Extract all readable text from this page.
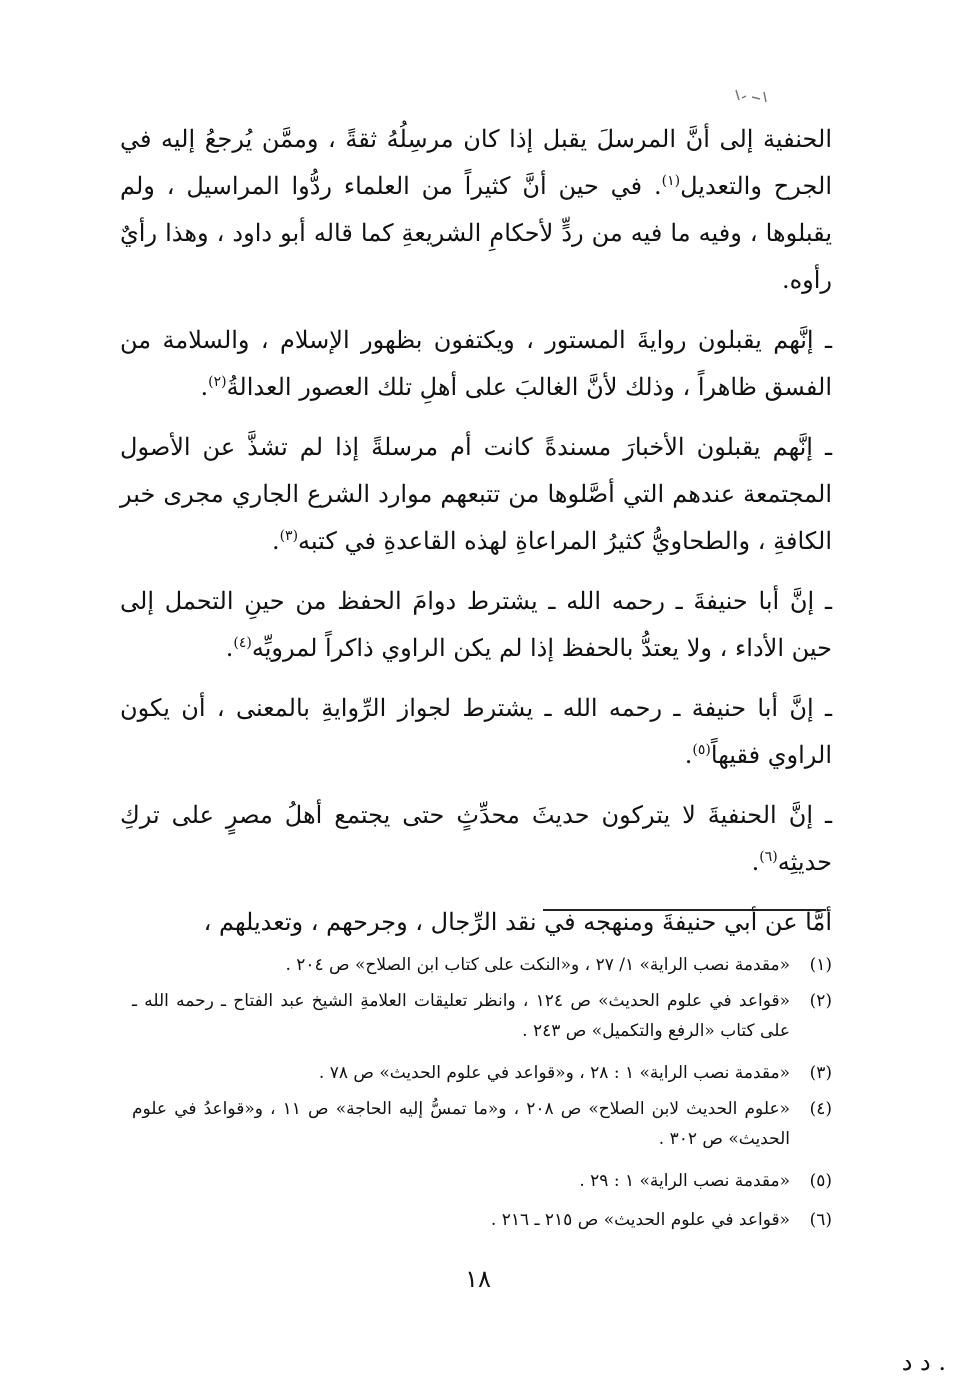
الحنفية إلى أنَّ المرسلَ يقبل إذا كان مرسِلُهُ ثقةً ، وممَّن يُرجعُ إليه في الجرح والتعديل$^{(١)}$. في حين أنَّ كثيراً من العلماء ردُّوا المراسيل ، ولم يقبلوها ، وفيه ما فيه من ردٍّ لأحكامِ الشريعةِ كما قاله أبو داود ، وهذا رأيٌ رأوه.

ـ إنَّهم يقبلون روايةَ المستور ، ويكتفون بظهور الإسلام ، والسلامة من الفسق ظاهراً ، وذلك لأنَّ الغالبَ على أهلِ تلك العصور العدالةُ$^{(٢)}$.

ـ إنَّهم يقبلون الأخبارَ مسندةً كانت أم مرسلةً إذا لم تشذَّ عن الأصول المجتمعة عندهم التي أصَّلوها من تتبعهم موارد الشرع الجاري مجرى خبر الكافةِ ، والطحاويُّ كثيرُ المراعاةِ لهذه القاعدةِ في كتبه$^{(٣)}$.

ـ إنَّ أبا حنيفةَ ـ رحمه الله ـ يشترط دوامَ الحفظ من حينِ التحمل إلى حين الأداء ، ولا يعتدُّ بالحفظ إذا لم يكن الراوي ذاكراً لمرويِّه$^{(٤)}$.

ـ إنَّ أبا حنيفة ـ رحمه الله ـ يشترط لجواز الرِّوايةِ بالمعنى ، أن يكون الراوي فقيهاً$^{(٥)}$.

ـ إنَّ الحنفيةَ لا يتركون حديثَ محدِّثٍ حتى يجتمع أهلُ مصرٍ على تركِ حديثِه$^{(٦)}$.

أمَّا عن أبي حنيفةَ ومنهجه في نقد الرِّجال ، وجرحهم ، وتعديلهم ،

(١)
«مقدمة نصب الراية» ١/ ٢٧ ، و«النكت على كتاب ابن الصلاح» ص ٢٠٤ .
(٢)
«قواعد في علوم الحديث» ص ١٢٤ ، وانظر تعليقات العلامةِ الشيخ عبد الفتاح ـ رحمه الله ـ على كتاب «الرفع والتكميل» ص ٢٤٣ .
(٣)
«مقدمة نصب الراية» ١ : ٢٨ ، و«قواعد في علوم الحديث» ص ٧٨ .
(٤)
«علوم الحديث لابن الصلاح» ص ٢٠٨ ، و«ما تمسُّ إليه الحاجة» ص ١١ ، و«قواعدُ في علوم الحديث» ص ٣٠٢ .
(٥)
«مقدمة نصب الراية» ١ : ٢٩ .
(٦)
«قواعد في علوم الحديث» ص ٢١٥ ـ ٢١٦ .
١٨
. د د
